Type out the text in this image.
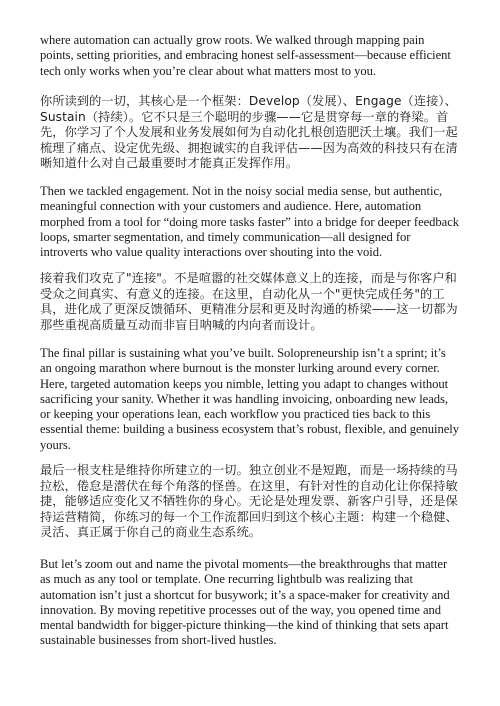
where automation can actually grow roots. We walked through mapping pain points, setting priorities, and embracing honest self-assessment—because efficient tech only works when you’re clear about what matters most to you.

你所读到的一切，其核心是一个框架：Develop（发展）、Engage（连接）、Sustain（持续）。它不只是三个聪明的步骤——它是贯穿每一章的脊梁。首先，你学习了个人发展和业务发展如何为自动化扎根创造肥沃土壤。我们一起梳理了痛点、设定优先级、拥抱诚实的自我评估——因为高效的科技只有在清晰知道什么对自己最重要时才能真正发挥作用。

Then we tackled engagement. Not in the noisy social media sense, but authentic, meaningful connection with your customers and audience. Here, automation morphed from a tool for “doing more tasks faster” into a bridge for deeper feedback loops, smarter segmentation, and timely communication—all designed for introverts who value quality interactions over shouting into the void.

接着我们攻克了"连接"。不是喧嚣的社交媒体意义上的连接，而是与你客户和受众之间真实、有意义的连接。在这里，自动化从一个"更快完成任务"的工具，进化成了更深反馈循环、更精准分层和更及时沟通的桥梁——这一切都为那些重视高质量互动而非盲目呐喊的内向者而设计。

The final pillar is sustaining what you’ve built. Solopreneurship isn’t a sprint; it’s an ongoing marathon where burnout is the monster lurking around every corner. Here, targeted automation keeps you nimble, letting you adapt to changes without sacrificing your sanity. Whether it was handling invoicing, onboarding new leads, or keeping your operations lean, each workflow you practiced ties back to this essential theme: building a business ecosystem that’s robust, flexible, and genuinely yours.

最后一根支柱是维持你所建立的一切。独立创业不是短跑，而是一场持续的马拉松，倦怠是潜伏在每个角落的怪兽。在这里，有针对性的自动化让你保持敏捷，能够适应变化又不牺牲你的身心。无论是处理发票、新客户引导，还是保持运营精简，你练习的每一个工作流都回归到这个核心主题：构建一个稳健、灵活、真正属于你自己的商业生态系统。

But let’s zoom out and name the pivotal moments—the breakthroughs that matter as much as any tool or template. One recurring lightbulb was realizing that automation isn’t just a shortcut for busywork; it’s a space-maker for creativity and innovation. By moving repetitive processes out of the way, you opened time and mental bandwidth for bigger-picture thinking—the kind of thinking that sets apart sustainable businesses from short-lived hustles.
